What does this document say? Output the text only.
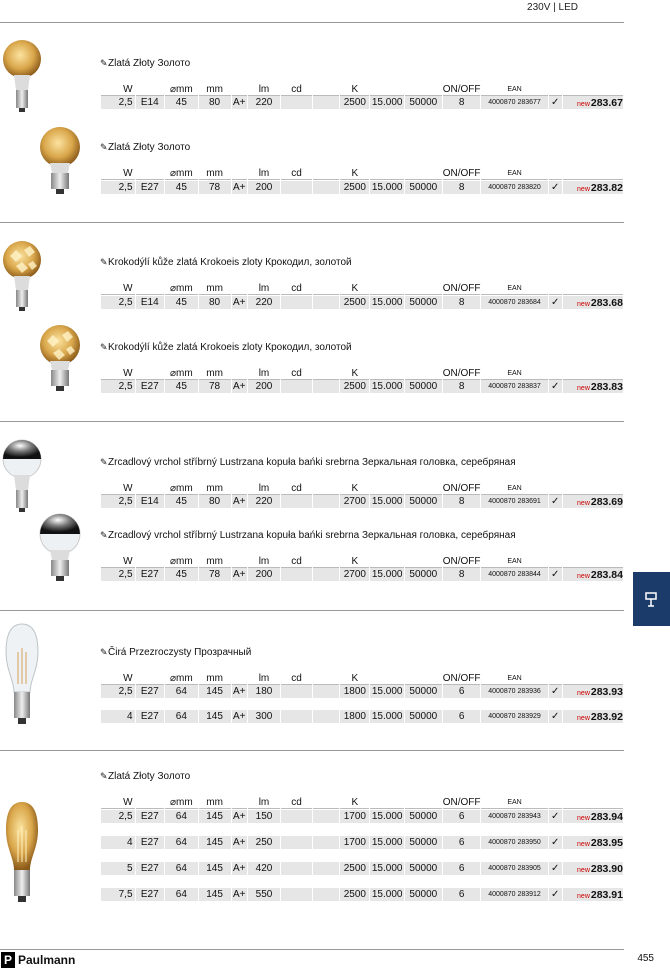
230V | LED
✎Zlatá Złoty Золото
W		⌀mm	mm		lm	cd		K			ON/OFF	EAN		
2,5	E14	45	80	A+	220			2500	15.000	50000	8	4000870 283677	✓	new283.67
✎Zlatá Złoty Золото
W		⌀mm	mm		lm	cd		K			ON/OFF	EAN		

2,5	E27	45	78	A+	200			2500	15.000	50000	8	4000870 283820	✓	new283.82
✎Krokodýlí kůže zlatá Krokoeis zloty Крокодил, золотой
W		⌀mm	mm		lm	cd		K			ON/OFF	EAN		

2,5	E14	45	80	A+	220			2500	15.000	50000	8	4000870 283684	✓	new283.68
✎Krokodýlí kůže zlatá Krokoeis zloty Крокодил, золотой
W		⌀mm	mm		lm	cd		K			ON/OFF	EAN		
2,5	E27	45	78	A+	200			2500	15.000	50000	8	4000870 283837	✓	new283.83
✎Zrcadlový vrchol stříbrný Lustrzana kopuła bańki srebrna Зеркальная головка, серебряная
W		⌀mm	mm		lm	cd		K			ON/OFF	EAN		
2,5	E14	45	80	A+	220			2700	15.000	50000	8	4000870 283691	✓	new283.69
✎Zrcadlový vrchol stříbrný Lustrzana kopuła bańki srebrna Зеркальная головка, серебряная
W		⌀mm	mm		lm	cd		K			ON/OFF	EAN		
2,5	E27	45	78	A+	200			2700	15.000	50000	8	4000870 283844	✓	new283.84
✎Čirá Przezroczysty Прозрачный
W		⌀mm	mm		lm	cd		K			ON/OFF	EAN		
2,5	E27	64	145	A+	180			1800	15.000	50000	6	4000870 283936	✓	new283.93

4	E27	64	145	A+	300			1800	15.000	50000	6	4000870 283929	✓	new283.92
✎Zlatá Złoty Золото
W		⌀mm	mm		lm	cd		K			ON/OFF	EAN		

2,5	E27	64	145	A+	150			1700	15.000	50000	6	4000870 283943	✓	new283.94

4	E27	64	145	A+	250			1700	15.000	50000	6	4000870 283950	✓	new283.95

5	E27	64	145	A+	420			2500	15.000	50000	6	4000870 283905	✓	new283.90

7,5	E27	64	145	A+	550			2500	15.000	50000	6	4000870 283912	✓	new283.91
P Paulmann	455
